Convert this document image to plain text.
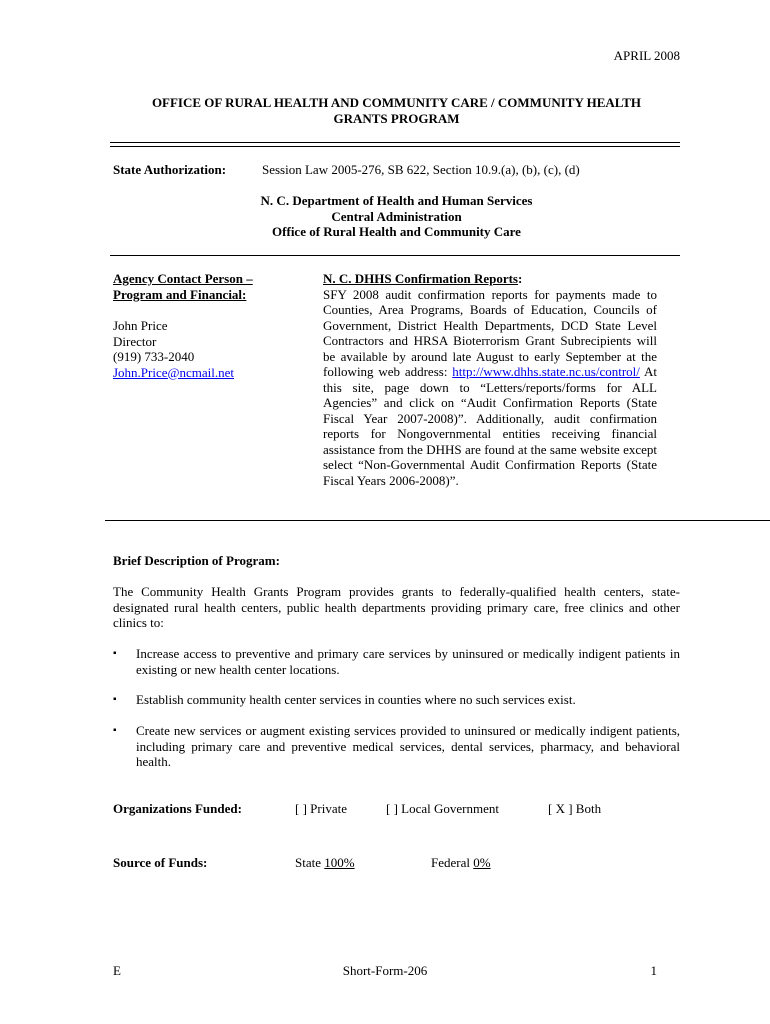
APRIL 2008
OFFICE OF RURAL HEALTH AND COMMUNITY CARE / COMMUNITY HEALTH
GRANTS PROGRAM
State Authorization:	Session Law 2005-276, SB 622, Section 10.9.(a), (b), (c), (d)
N. C. Department of Health and Human Services
Central Administration
Office of Rural Health and Community Care
Agency Contact Person –
Program and Financial:
John Price
Director
(919) 733-2040
John.Price@ncmail.net
N. C. DHHS Confirmation Reports:
SFY 2008 audit confirmation reports for payments made to Counties, Area Programs, Boards of Education, Councils of Government, District Health Departments, DCD State Level Contractors and HRSA Bioterrorism Grant Subrecipients will be available by around late August to early September at the following web address: http://www.dhhs.state.nc.us/control/ At this site, page down to “Letters/reports/forms for ALL Agencies” and click on “Audit Confirmation Reports (State Fiscal Year 2007-2008)”. Additionally, audit confirmation reports for Nongovernmental entities receiving financial assistance from the DHHS are found at the same website except select “Non-Governmental Audit Confirmation Reports (State Fiscal Years 2006-2008)”.
Brief Description of Program:
The Community Health Grants Program provides grants to federally-qualified health centers, state-designated rural health centers, public health departments providing primary care, free clinics and other clinics to:
▪ Increase access to preventive and primary care services by uninsured or medically indigent patients in existing or new health center locations.
▪ Establish community health center services in counties where no such services exist.
▪ Create new services or augment existing services provided to uninsured or medically indigent patients, including primary care and preventive medical services, dental services, pharmacy, and behavioral health.
Organizations Funded:	[ ] Private	[ ] Local Government	[ X ] Both
Source of Funds:	State 100%	Federal 0%
E	Short-Form-206	1
